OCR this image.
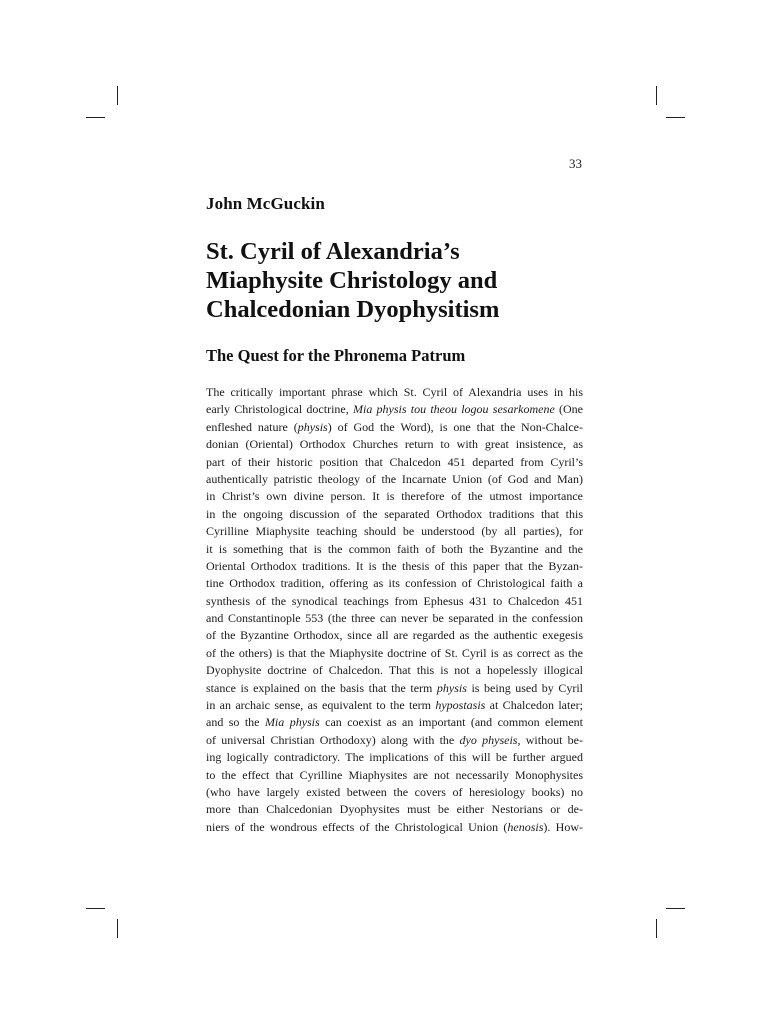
33
John McGuckin
St. Cyril of Alexandria’s
Miaphysite Christology and
Chalcedonian Dyophysitism
The Quest for the Phronema Patrum
The critically important phrase which St. Cyril of Alexandria uses in his
early Christological doctrine, Mia physis tou theou logou sesarkomene (One
enfleshed nature (physis) of God the Word), is one that the Non-Chalce-
donian (Oriental) Orthodox Churches return to with great insistence, as
part of their historic position that Chalcedon 451 departed from Cyril’s
authentically patristic theology of the Incarnate Union (of God and Man)
in Christ’s own divine person. It is therefore of the utmost importance
in the ongoing discussion of the separated Orthodox traditions that this
Cyrilline Miaphysite teaching should be understood (by all parties), for
it is something that is the common faith of both the Byzantine and the
Oriental Orthodox traditions. It is the thesis of this paper that the Byzan-
tine Orthodox tradition, offering as its confession of Christological faith a
synthesis of the synodical teachings from Ephesus 431 to Chalcedon 451
and Constantinople 553 (the three can never be separated in the confession
of the Byzantine Orthodox, since all are regarded as the authentic exegesis
of the others) is that the Miaphysite doctrine of St. Cyril is as correct as the
Dyophysite doctrine of Chalcedon. That this is not a hopelessly illogical
stance is explained on the basis that the term physis is being used by Cyril
in an archaic sense, as equivalent to the term hypostasis at Chalcedon later;
and so the Mia physis can coexist as an important (and common element
of universal Christian Orthodoxy) along with the dyo physeis, without be-
ing logically contradictory. The implications of this will be further argued
to the effect that Cyrilline Miaphysites are not necessarily Monophysites
(who have largely existed between the covers of heresiology books) no
more than Chalcedonian Dyophysites must be either Nestorians or de-
niers of the wondrous effects of the Christological Union (henosis). How-
